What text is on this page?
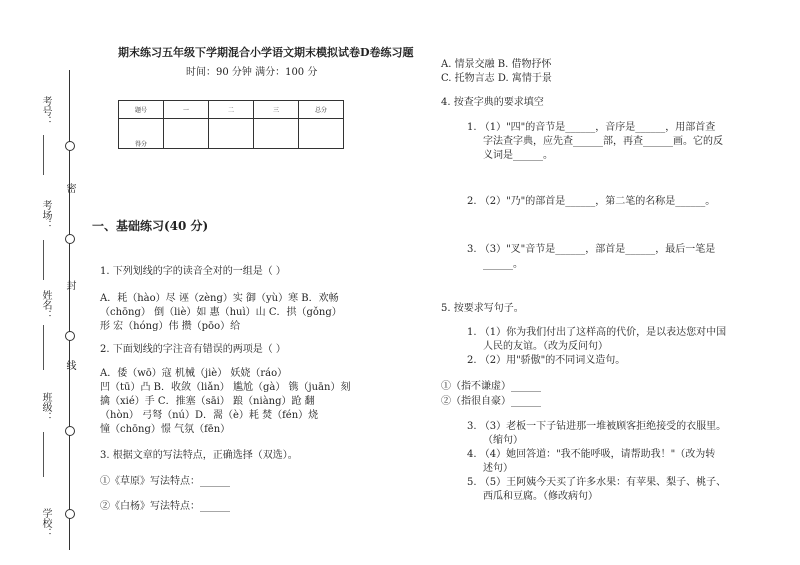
密
封
线
考号：
考场：
姓名：
班级：
学校：
期末练习五年级下学期混合小学语文期末模拟试卷D卷练习题
时间：90 分钟 满分：100 分
题号	一	二	三	总分
得分				
一、基础练习(40 分)
1. 下列划线的字的读音全对的一组是（ ）
A．耗（hào）尽 诬（zèng）实 御（yù）寒 B．欢畅
（chōng） 倒（liè）如 惠（huì）山 C．拱（gǒng）
形 宏（hóng）伟 攒（pōo）给
2. 下面划线的字注音有错误的两项是（ ）
A．倭（wō）寇 机械（jiè） 妖娆（ráo）
凹（tū）凸 B．收敛（liǎn） 尴尬（gà） 镌（juān）刻
擒（xié）手 C．推塞（sāi） 踉（niàng）跄 翻
（hòn） 弓弩（nú）D．翯（è）耗 焚（fén）烧
憧（chōng）憬 气氛（fēn）
3. 根据文章的写法特点，正确选择（双选）。
①《草原》写法特点：______
②《白杨》写法特点：______
A. 情景交融 B. 借物抒怀
C. 托物言志 D. 寓情于景
4. 按查字典的要求填空
1. （1）"四"的音节是______，音序是______，用部首查
字法查字典，应先查______部，再查______画。它的反
义词是______。
2. （2）"乃"的部首是______，第二笔的名称是______。
3. （3）"叉"音节是______，部首是______，最后一笔是
______。
5. 按要求写句子。
1. （1）你为我们付出了这样高的代价，是以表达您对中国
人民的友谊。（改为反问句）
2. （2）用"骄傲"的不同词义造句。
①（指不谦虚）______
②（指很自豪）______
3. （3）老板一下子钻进那一堆被顾客拒绝接受的衣服里。
（缩句）
4. （4）她回答道："我不能呼吸，请帮助我！"（改为转
述句）
5. （5）王阿姨今天买了许多水果：有苹果、梨子、桃子、
西瓜和豆腐。（修改病句）
